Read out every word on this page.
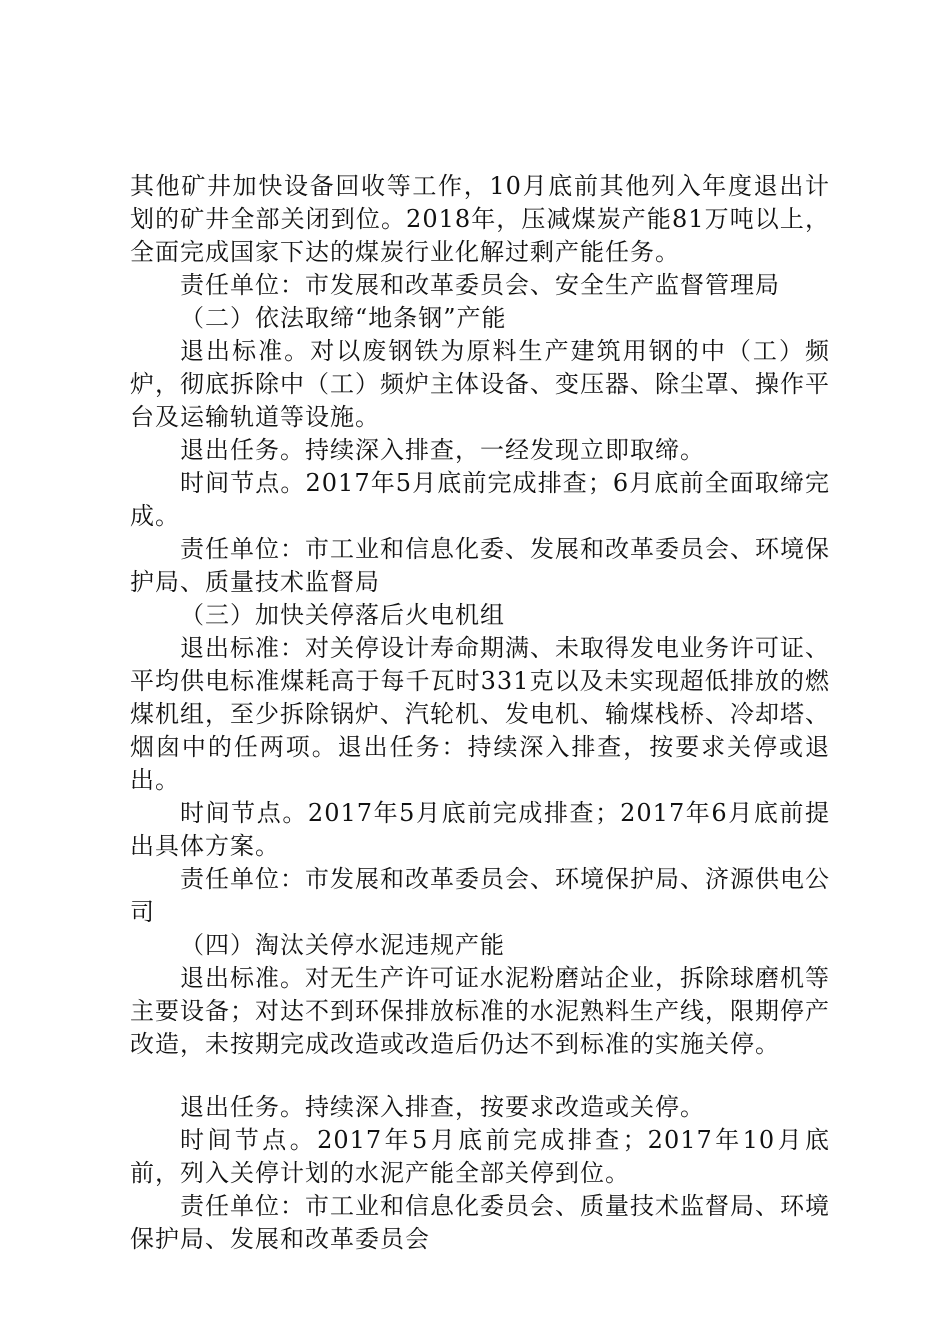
其他矿井加快设备回收等工作，10月底前其他列入年度退出计划的矿井全部关闭到位。2018年，压减煤炭产能81万吨以上，全面完成国家下达的煤炭行业化解过剩产能任务。

责任单位：市发展和改革委员会、安全生产监督管理局

（二）依法取缔“地条钢”产能

退出标准。对以废钢铁为原料生产建筑用钢的中（工）频炉，彻底拆除中（工）频炉主体设备、变压器、除尘罩、操作平台及运输轨道等设施。

退出任务。持续深入排查，一经发现立即取缔。

时间节点。2017年5月底前完成排查；6月底前全面取缔完成。

责任单位：市工业和信息化委、发展和改革委员会、环境保护局、质量技术监督局

（三）加快关停落后火电机组

退出标准：对关停设计寿命期满、未取得发电业务许可证、平均供电标准煤耗高于每千瓦时331克以及未实现超低排放的燃煤机组，至少拆除锅炉、汽轮机、发电机、输煤栈桥、冷却塔、烟囱中的任两项。退出任务：持续深入排查，按要求关停或退出。

时间节点。2017年5月底前完成排查；2017年6月底前提出具体方案。

责任单位：市发展和改革委员会、环境保护局、济源供电公司

（四）淘汰关停水泥违规产能

退出标准。对无生产许可证水泥粉磨站企业，拆除球磨机等主要设备；对达不到环保排放标准的水泥熟料生产线，限期停产改造，未按期完成改造或改造后仍达不到标准的实施关停。

退出任务。持续深入排查，按要求改造或关停。

时间节点。2017年5月底前完成排查；2017年10月底前，列入关停计划的水泥产能全部关停到位。

责任单位：市工业和信息化委员会、质量技术监督局、环境保护局、发展和改革委员会
